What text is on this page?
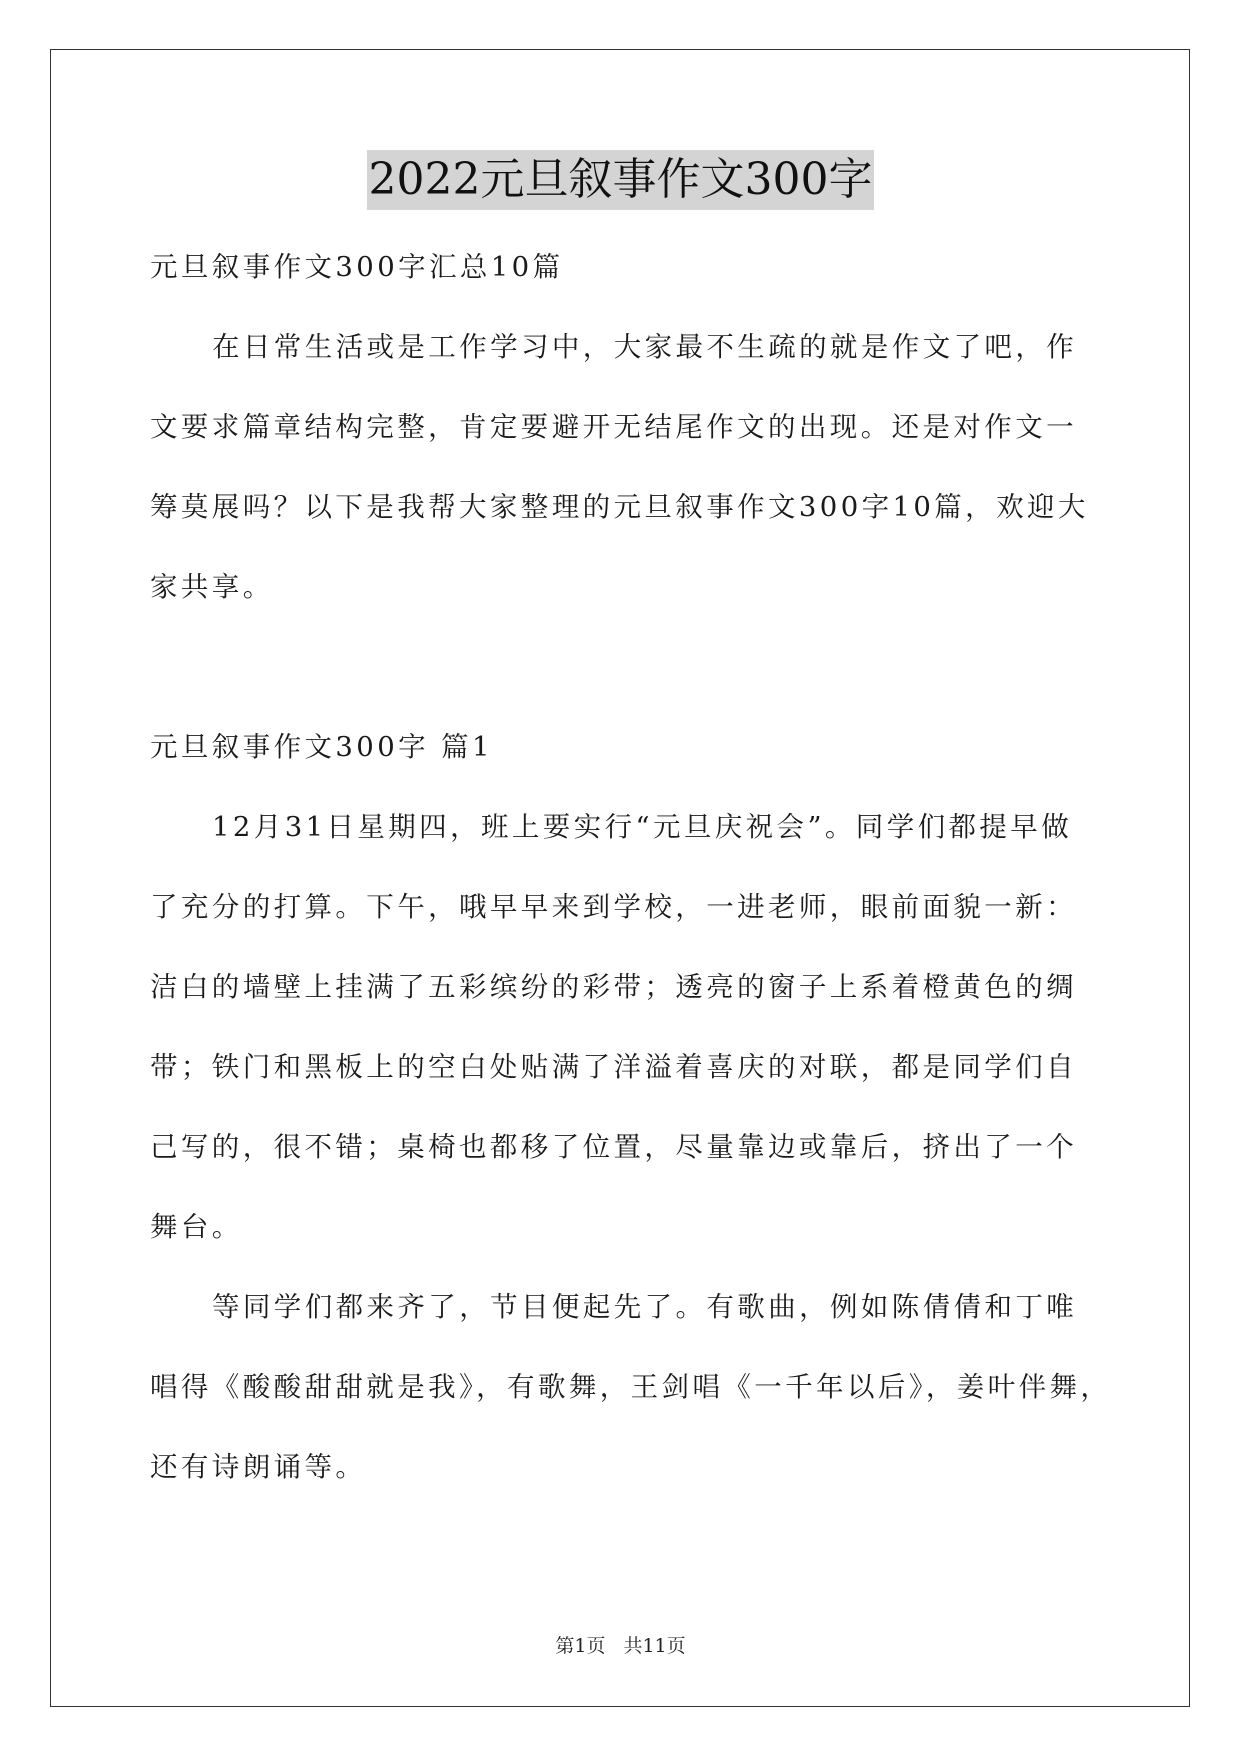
2022元旦叙事作文300字
元旦叙事作文300字汇总10篇
在日常生活或是工作学习中，大家最不生疏的就是作文了吧，作
文要求篇章结构完整，肯定要避开无结尾作文的出现。还是对作文一
筹莫展吗？以下是我帮大家整理的元旦叙事作文300字10篇，欢迎大
家共享。
元旦叙事作文300字 篇1
12月31日星期四，班上要实行“元旦庆祝会”。同学们都提早做
了充分的打算。下午，哦早早来到学校，一进老师，眼前面貌一新：
洁白的墙壁上挂满了五彩缤纷的彩带；透亮的窗子上系着橙黄色的绸
带；铁门和黑板上的空白处贴满了洋溢着喜庆的对联，都是同学们自
己写的，很不错；桌椅也都移了位置，尽量靠边或靠后，挤出了一个
舞台。
等同学们都来齐了，节目便起先了。有歌曲，例如陈倩倩和丁唯
唱得《酸酸甜甜就是我》，有歌舞，王剑唱《一千年以后》，姜叶伴舞，
还有诗朗诵等。
第1页 共11页
